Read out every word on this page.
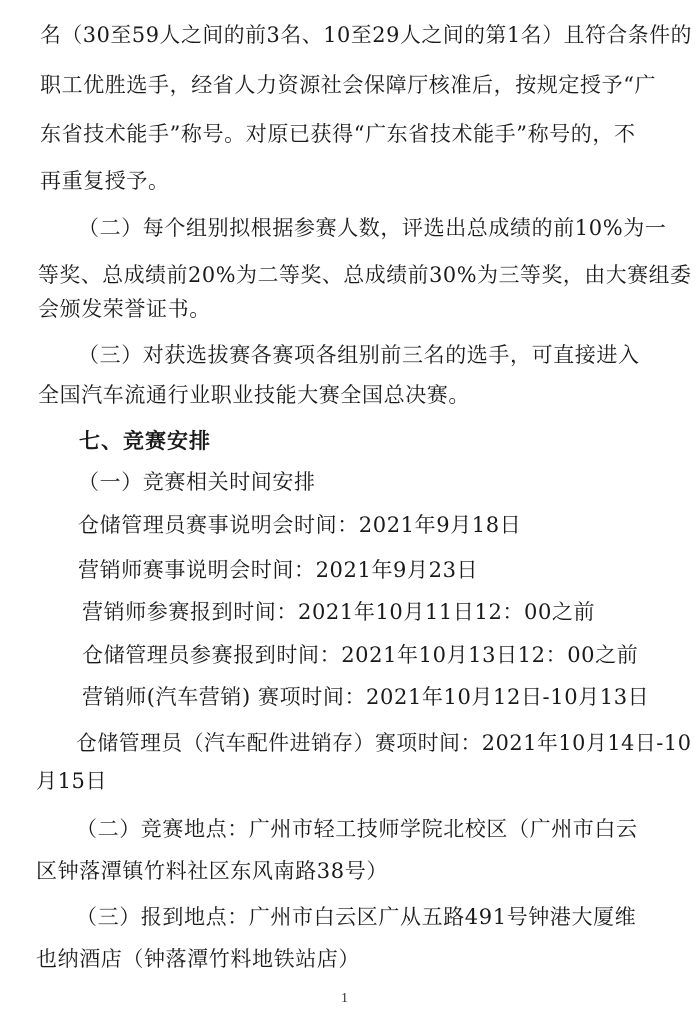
名（30至59人之间的前3名、10至29人之间的第1名）且符合条件的
职工优胜选手，经省人力资源社会保障厅核准后，按规定授予“广
东省技术能手”称号。对原已获得“广东省技术能手”称号的，不
再重复授予。
（二）每个组别拟根据参赛人数，评选出总成绩的前10%为一
等奖、总成绩前20%为二等奖、总成绩前30%为三等奖，由大赛组委
会颁发荣誉证书。
（三）对获选拔赛各赛项各组别前三名的选手，可直接进入
全国汽车流通行业职业技能大赛全国总决赛。
七、竞赛安排
（一）竞赛相关时间安排
仓储管理员赛事说明会时间：2021年9月18日
营销师赛事说明会时间：2021年9月23日
营销师参赛报到时间：2021年10月11日12：00之前
仓储管理员参赛报到时间：2021年10月13日12：00之前
营销师(汽车营销) 赛项时间：2021年10月12日-10月13日
仓储管理员（汽车配件进销存）赛项时间：2021年10月14日-10
月15日
（二）竞赛地点：广州市轻工技师学院北校区（广州市白云
区钟落潭镇竹料社区东风南路38号）
（三）报到地点：广州市白云区广从五路491号钟港大厦维
也纳酒店（钟落潭竹料地铁站店）
1
